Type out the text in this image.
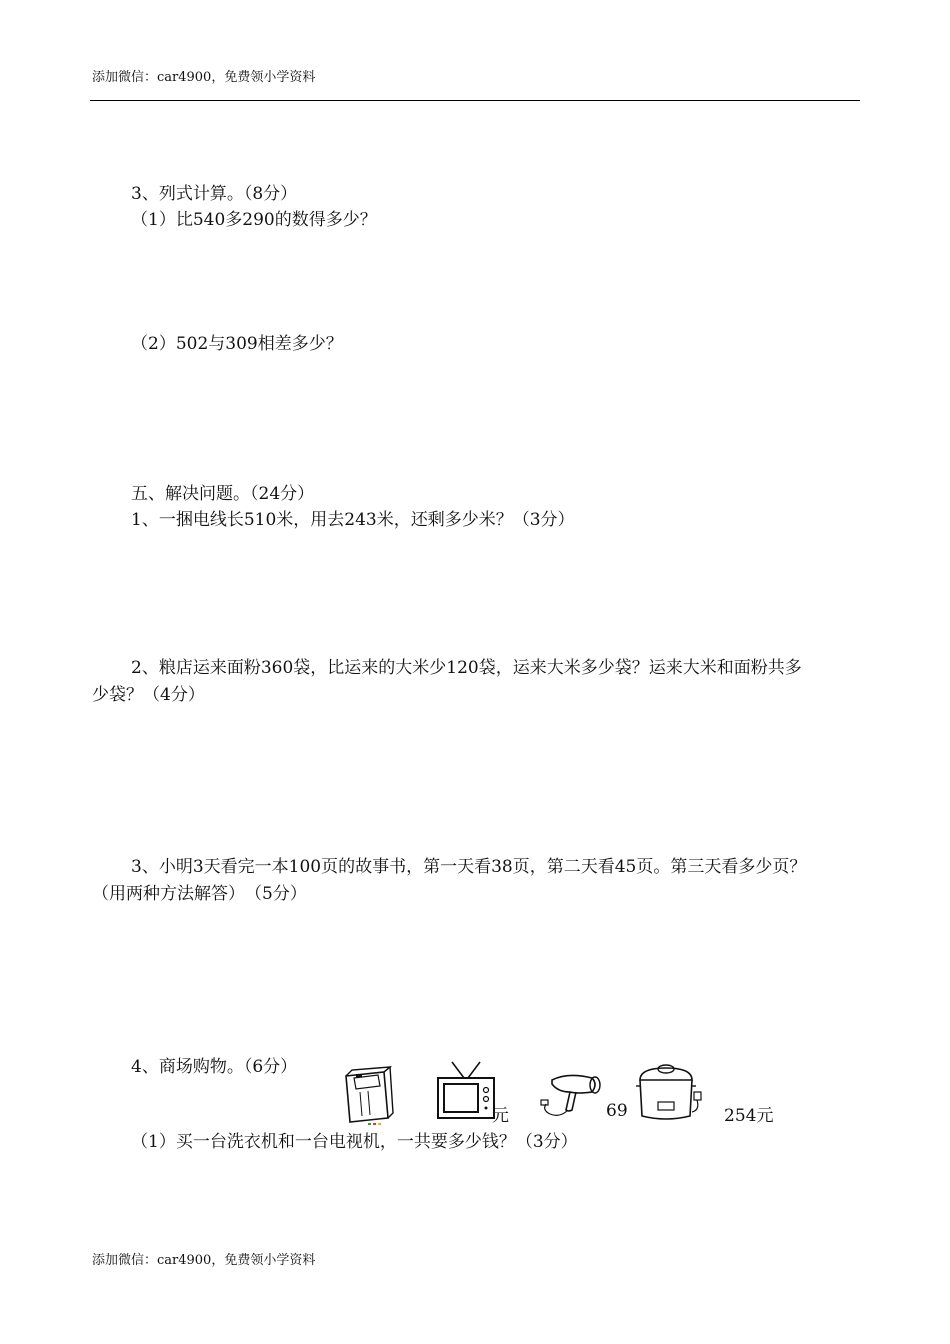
添加微信：car4900，免费领小学资料
3、列式计算。（8分）
（1）比540多290的数得多少？
（2）502与309相差多少？
五、解决问题。（24分）
1、一捆电线长510米，用去243米，还剩多少米？（3分）
2、粮店运来面粉360袋，比运来的大米少120袋，运来大米多少袋？运来大米和面粉共多
少袋？（4分）
3、小明3天看完一本100页的故事书，第一天看38页，第二天看45页。第三天看多少页？
（用两种方法解答）　（5分）
4、商场购物。（6分）
元	69	254元
（1）买一台洗衣机和一台电视机，一共要多少钱？（3分）
添加微信：car4900，免费领小学资料
